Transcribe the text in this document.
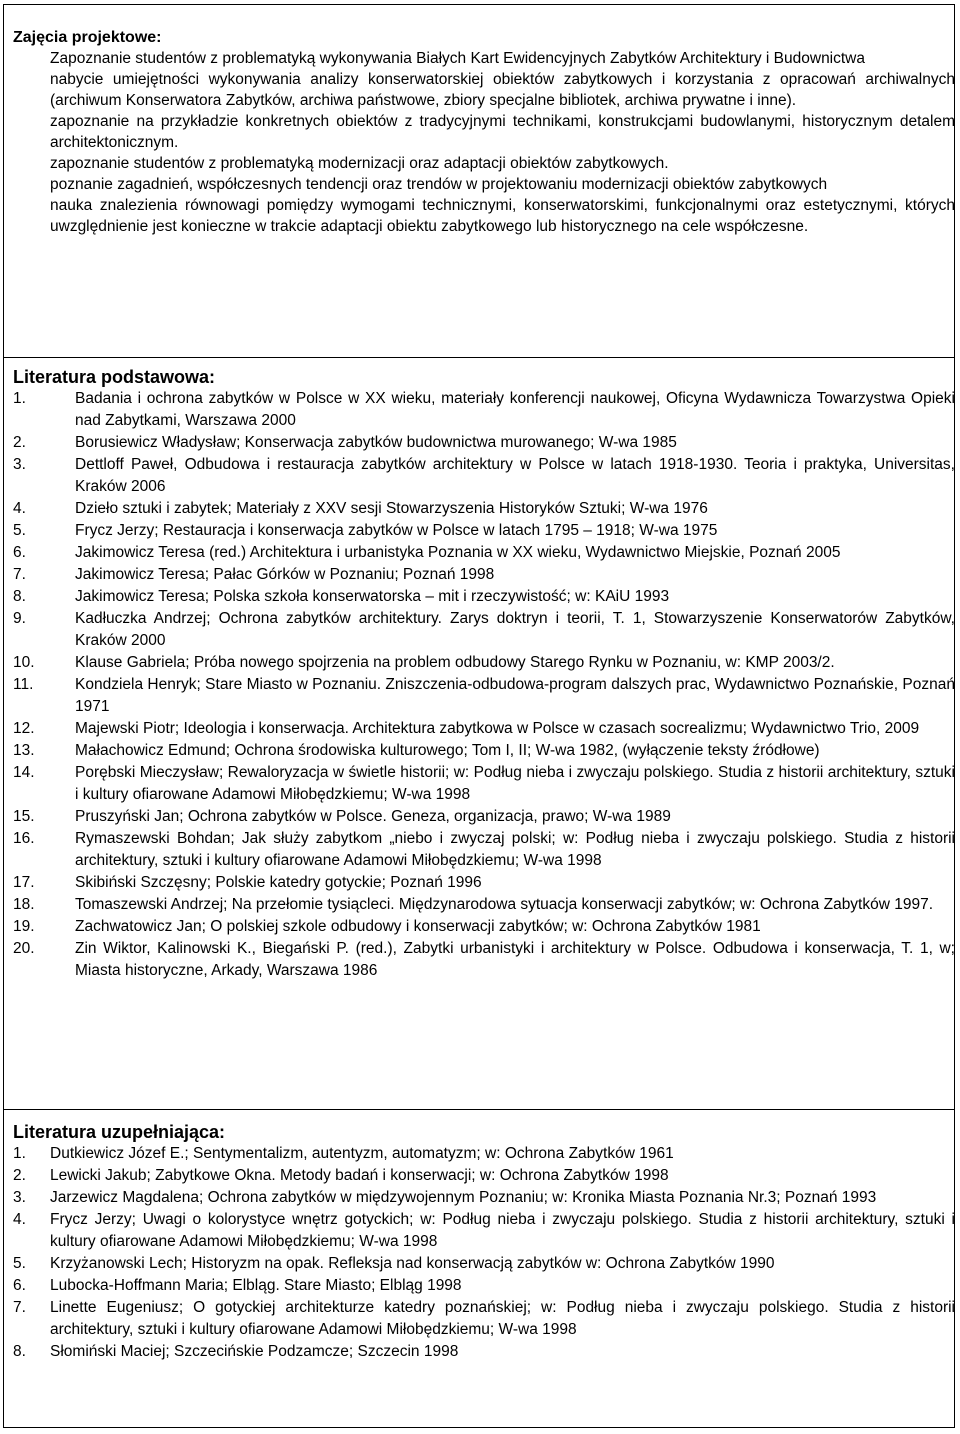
Zajęcia projektowe:

Zapoznanie studentów z problematyką wykonywania Białych Kart Ewidencyjnych Zabytków Architektury i Budownictwa

nabycie umiejętności wykonywania analizy konserwatorskiej obiektów zabytkowych i korzystania z opracowań archiwalnych (archiwum Konserwatora Zabytków, archiwa państwowe, zbiory specjalne bibliotek, archiwa prywatne i inne).

zapoznanie na przykładzie konkretnych obiektów z tradycyjnymi technikami, konstrukcjami budowlanymi, historycznym detalem architektonicznym.

zapoznanie studentów z problematyką modernizacji oraz adaptacji obiektów zabytkowych.

poznanie zagadnień, współczesnych tendencji oraz trendów w projektowaniu modernizacji obiektów zabytkowych

nauka znalezienia równowagi pomiędzy wymogami technicznymi, konserwatorskimi, funkcjonalnymi oraz estetycznymi, których uwzględnienie jest konieczne w trakcie adaptacji obiektu zabytkowego lub historycznego na cele współczesne.

Literatura podstawowa:
1.	Badania i ochrona zabytków w Polsce w XX wieku, materiały konferencji naukowej, Oficyna Wydawnicza Towarzystwa Opieki nad Zabytkami, Warszawa 2000
2.	Borusiewicz Władysław; Konserwacja zabytków budownictwa murowanego; W-wa 1985
3.	Dettloff Paweł, Odbudowa i restauracja zabytków architektury w Polsce w latach 1918-1930. Teoria i praktyka, Universitas, Kraków 2006
4.	Dzieło sztuki i zabytek; Materiały z XXV sesji Stowarzyszenia Historyków Sztuki; W-wa 1976
5.	Frycz Jerzy; Restauracja i konserwacja zabytków w Polsce w latach 1795 – 1918; W-wa 1975
6.	Jakimowicz Teresa (red.) Architektura i urbanistyka Poznania w XX wieku, Wydawnictwo Miejskie, Poznań 2005
7.	Jakimowicz Teresa; Pałac Górków w Poznaniu; Poznań 1998
8.	Jakimowicz Teresa; Polska szkoła konserwatorska – mit i rzeczywistość; w: KAiU 1993
9.	Kadłuczka Andrzej; Ochrona zabytków architektury. Zarys doktryn i teorii, T. 1, Stowarzyszenie Konserwatorów Zabytków, Kraków 2000
10.	Klause Gabriela; Próba nowego spojrzenia na problem odbudowy Starego Rynku w Poznaniu, w: KMP 2003/2.
11.	Kondziela Henryk; Stare Miasto w Poznaniu. Zniszczenia-odbudowa-program dalszych prac, Wydawnictwo Poznańskie, Poznań 1971
12.	Majewski Piotr; Ideologia i konserwacja. Architektura zabytkowa w Polsce w czasach socrealizmu; Wydawnictwo Trio, 2009
13.	Małachowicz Edmund; Ochrona środowiska kulturowego; Tom I, II; W-wa 1982, (wyłączenie teksty źródłowe)
14.	Porębski Mieczysław; Rewaloryzacja w świetle historii; w: Podług nieba i zwyczaju polskiego. Studia z historii architektury, sztuki i kultury ofiarowane Adamowi Miłobędzkiemu; W-wa 1998
15.	Pruszyński Jan; Ochrona zabytków w Polsce. Geneza, organizacja, prawo; W-wa 1989
16.	Rymaszewski Bohdan; Jak służy zabytkom „niebo i zwyczaj polski; w: Podług nieba i zwyczaju polskiego. Studia z historii architektury, sztuki i kultury ofiarowane Adamowi Miłobędzkiemu; W-wa 1998
17.	Skibiński Szczęsny; Polskie katedry gotyckie; Poznań 1996
18.	Tomaszewski Andrzej; Na przełomie tysiącleci. Międzynarodowa sytuacja konserwacji zabytków; w: Ochrona Zabytków 1997.
19.	Zachwatowicz Jan; O polskiej szkole odbudowy i konserwacji zabytków; w: Ochrona Zabytków 1981
20.	Zin Wiktor, Kalinowski K., Biegański P. (red.), Zabytki urbanistyki i architektury w Polsce. Odbudowa i konserwacja, T. 1, w; Miasta historyczne, Arkady, Warszawa 1986
Literatura uzupełniająca:
1. Dutkiewicz Józef E.; Sentymentalizm, autentyzm, automatyzm; w: Ochrona Zabytków 1961
2. Lewicki Jakub; Zabytkowe Okna. Metody badań i konserwacji; w: Ochrona Zabytków 1998
3. Jarzewicz Magdalena; Ochrona zabytków w międzywojennym Poznaniu; w: Kronika Miasta Poznania Nr.3; Poznań 1993
4. Frycz Jerzy; Uwagi o kolorystyce wnętrz gotyckich; w: Podług nieba i zwyczaju polskiego. Studia z historii architektury, sztuki i kultury ofiarowane Adamowi Miłobędzkiemu; W-wa 1998
5. Krzyżanowski Lech; Historyzm na opak. Refleksja nad konserwacją zabytków w: Ochrona Zabytków 1990
6. Lubocka-Hoffmann Maria; Elbląg. Stare Miasto; Elbląg 1998
7. Linette Eugeniusz; O gotyckiej architekturze katedry poznańskiej; w: Podług nieba i zwyczaju polskiego. Studia z historii architektury, sztuki i kultury ofiarowane Adamowi Miłobędzkiemu; W-wa 1998
8. Słomiński Maciej; Szczecińskie Podzamcze; Szczecin 1998
